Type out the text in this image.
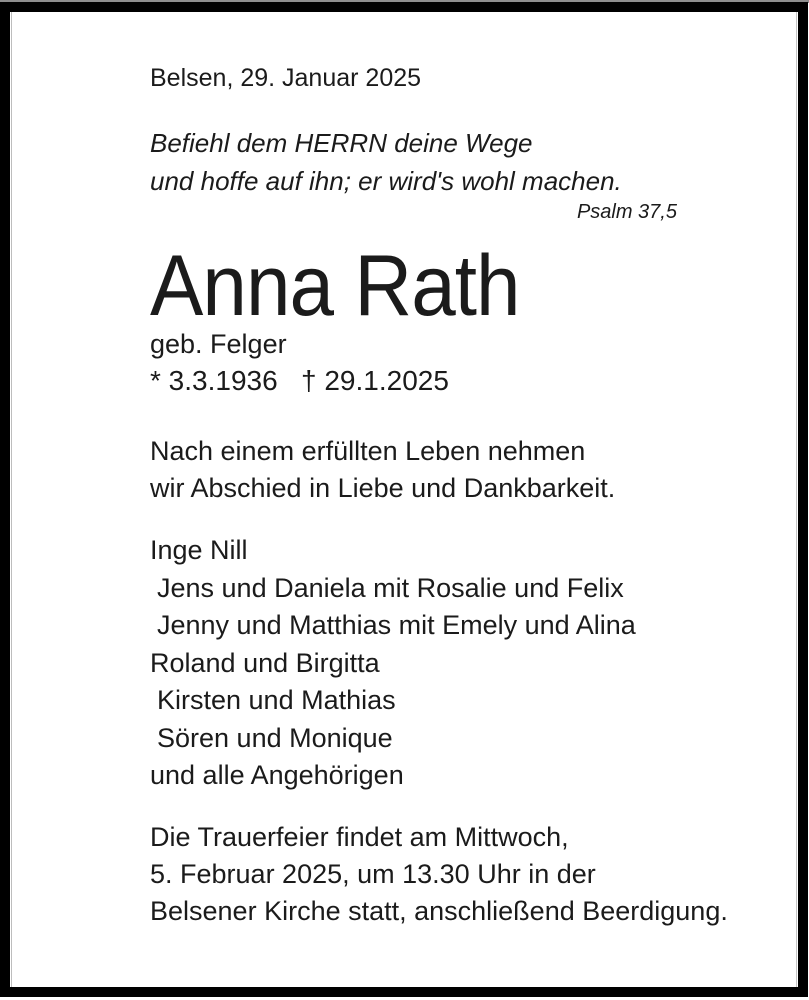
Belsen, 29. Januar 2025
Befiehl dem HERRN deine Wege
und hoffe auf ihn; er wird's wohl machen.
Psalm 37,5
Anna Rath
geb. Felger
* 3.3.1936   † 29.1.2025
Nach einem erfüllten Leben nehmen
wir Abschied in Liebe und Dankbarkeit.
Inge Nill
Jens und Daniela mit Rosalie und Felix
Jenny und Matthias mit Emely und Alina
Roland und Birgitta
Kirsten und Mathias
Sören und Monique
und alle Angehörigen
Die Trauerfeier findet am Mittwoch,
5. Februar 2025, um 13.30 Uhr in der
Belsener Kirche statt, anschließend Beerdigung.
